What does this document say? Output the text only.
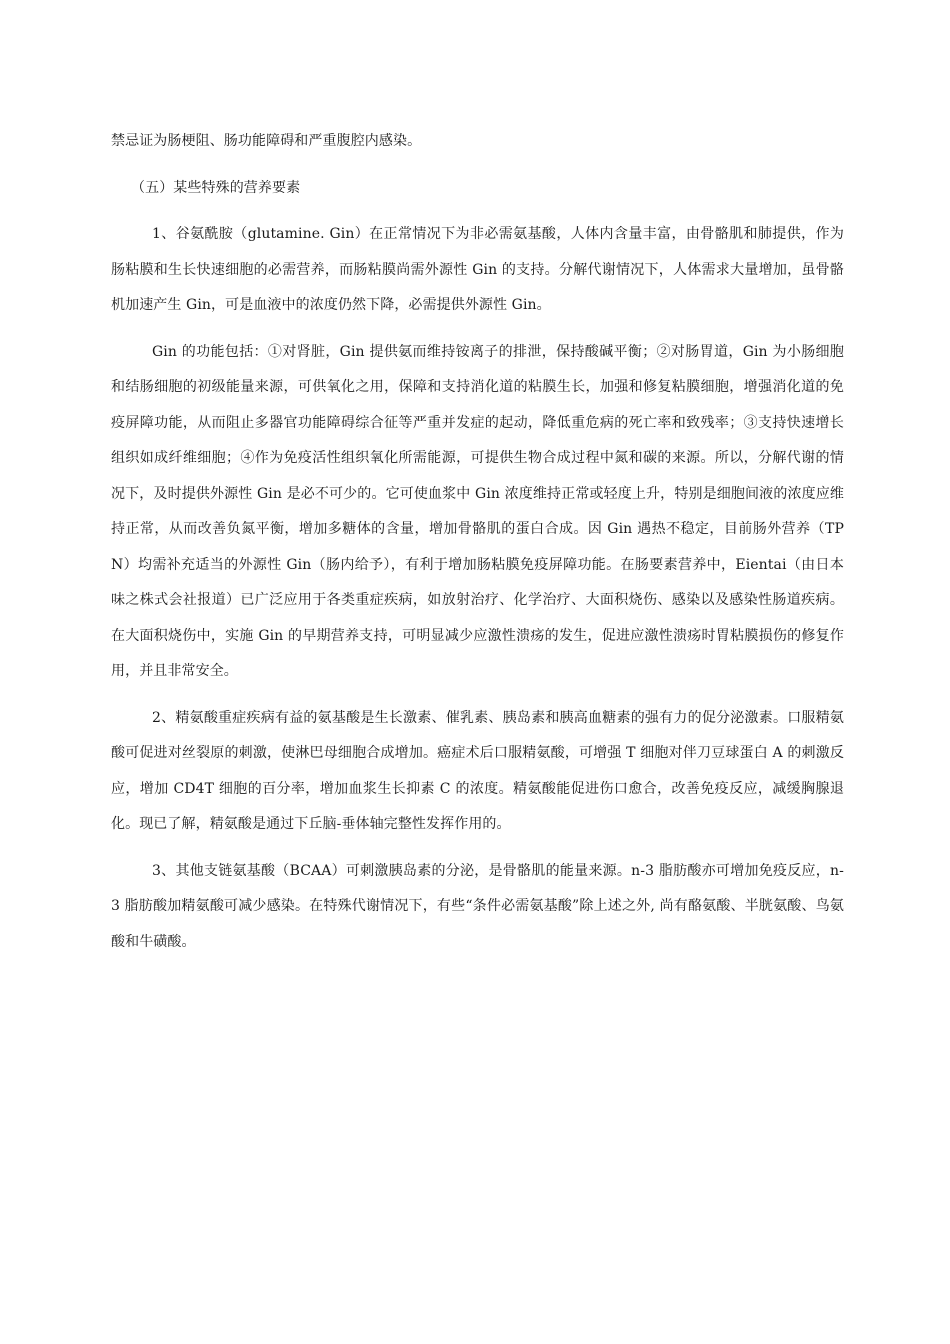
禁忌证为肠梗阻、肠功能障碍和严重腹腔内感染。

（五）某些特殊的营养要素

1、谷氨酰胺（glutamine. Gin）在正常情况下为非必需氨基酸，人体内含量丰富，由骨骼肌和肺提供，作为肠粘膜和生长快速细胞的必需营养，而肠粘膜尚需外源性 Gin 的支持。分解代谢情况下，人体需求大量增加，虽骨骼机加速产生 Gin，可是血液中的浓度仍然下降，必需提供外源性 Gin。

Gin 的功能包括：①对肾脏，Gin 提供氨而维持铵离子的排泄，保持酸碱平衡；②对肠胃道，Gin 为小肠细胞和结肠细胞的初级能量来源，可供氧化之用，保障和支持消化道的粘膜生长，加强和修复粘膜细胞，增强消化道的免疫屏障功能，从而阻止多器官功能障碍综合征等严重并发症的起动，降低重危病的死亡率和致残率；③支持快速增长组织如成纤维细胞；④作为免疫活性组织氧化所需能源，可提供生物合成过程中氮和碳的来源。所以，分解代谢的情况下，及时提供外源性 Gin 是必不可少的。它可使血浆中 Gin 浓度维持正常或轻度上升，特别是细胞间液的浓度应维持正常，从而改善负氮平衡，增加多糖体的含量，增加骨骼肌的蛋白合成。因 Gin 遇热不稳定，目前肠外营养（TPN）均需补充适当的外源性 Gin（肠内给予），有利于增加肠粘膜免疫屏障功能。在肠要素营养中，Eientai（由日本味之株式会社报道）已广泛应用于各类重症疾病，如放射治疗、化学治疗、大面积烧伤、感染以及感染性肠道疾病。在大面积烧伤中，实施 Gin 的早期营养支持，可明显减少应激性溃疡的发生，促进应激性溃疡时胃粘膜损伤的修复作用，并且非常安全。

2、精氨酸重症疾病有益的氨基酸是生长激素、催乳素、胰岛素和胰高血糖素的强有力的促分泌激素。口服精氨酸可促进对丝裂原的刺激，使淋巴母细胞合成增加。癌症术后口服精氨酸，可增强 T 细胞对伴刀豆球蛋白 A 的刺激反应，增加 CD4T 细胞的百分率，增加血浆生长抑素 C 的浓度。精氨酸能促进伤口愈合，改善免疫反应，减缓胸腺退化。现已了解，精氨酸是通过下丘脑-垂体轴完整性发挥作用的。

3、其他支链氨基酸（BCAA）可刺激胰岛素的分泌，是骨骼肌的能量来源。n-3 脂肪酸亦可增加免疫反应，n-3 脂肪酸加精氨酸可减少感染。在特殊代谢情况下，有些“条件必需氨基酸”除上述之外, 尚有酪氨酸、半胱氨酸、鸟氨酸和牛磺酸。
